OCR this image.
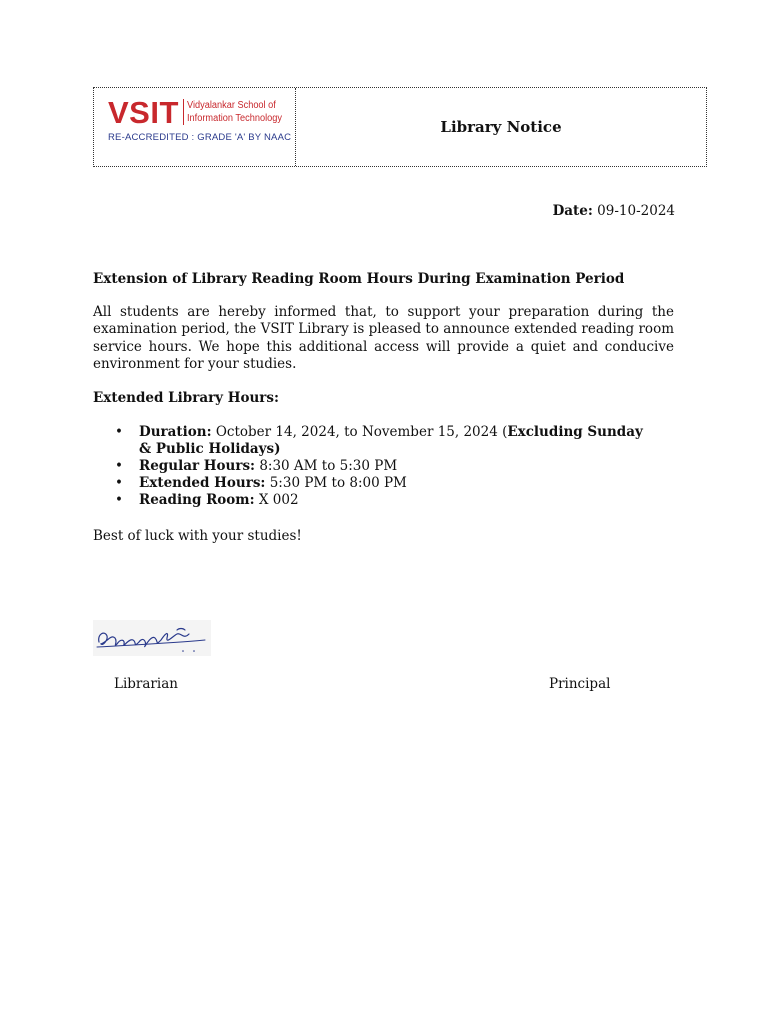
VSIT Vidyalankar School of
Information Technology
RE-ACCREDITED : GRADE 'A' BY NAAC
Library Notice
Date: 09-10-2024
Extension of Library Reading Room Hours During Examination Period
All students are hereby informed that, to support your preparation during the examination period, the VSIT Library is pleased to announce extended reading room service hours. We hope this additional access will provide a quiet and conducive environment for your studies.
Extended Library Hours:
• Duration: October 14, 2024, to November 15, 2024 (Excluding Sunday & Public Holidays)
• Regular Hours: 8:30 AM to 5:30 PM
• Extended Hours: 5:30 PM to 8:00 PM
• Reading Room: X 002
Best of luck with your studies!
Librarian	Principal
